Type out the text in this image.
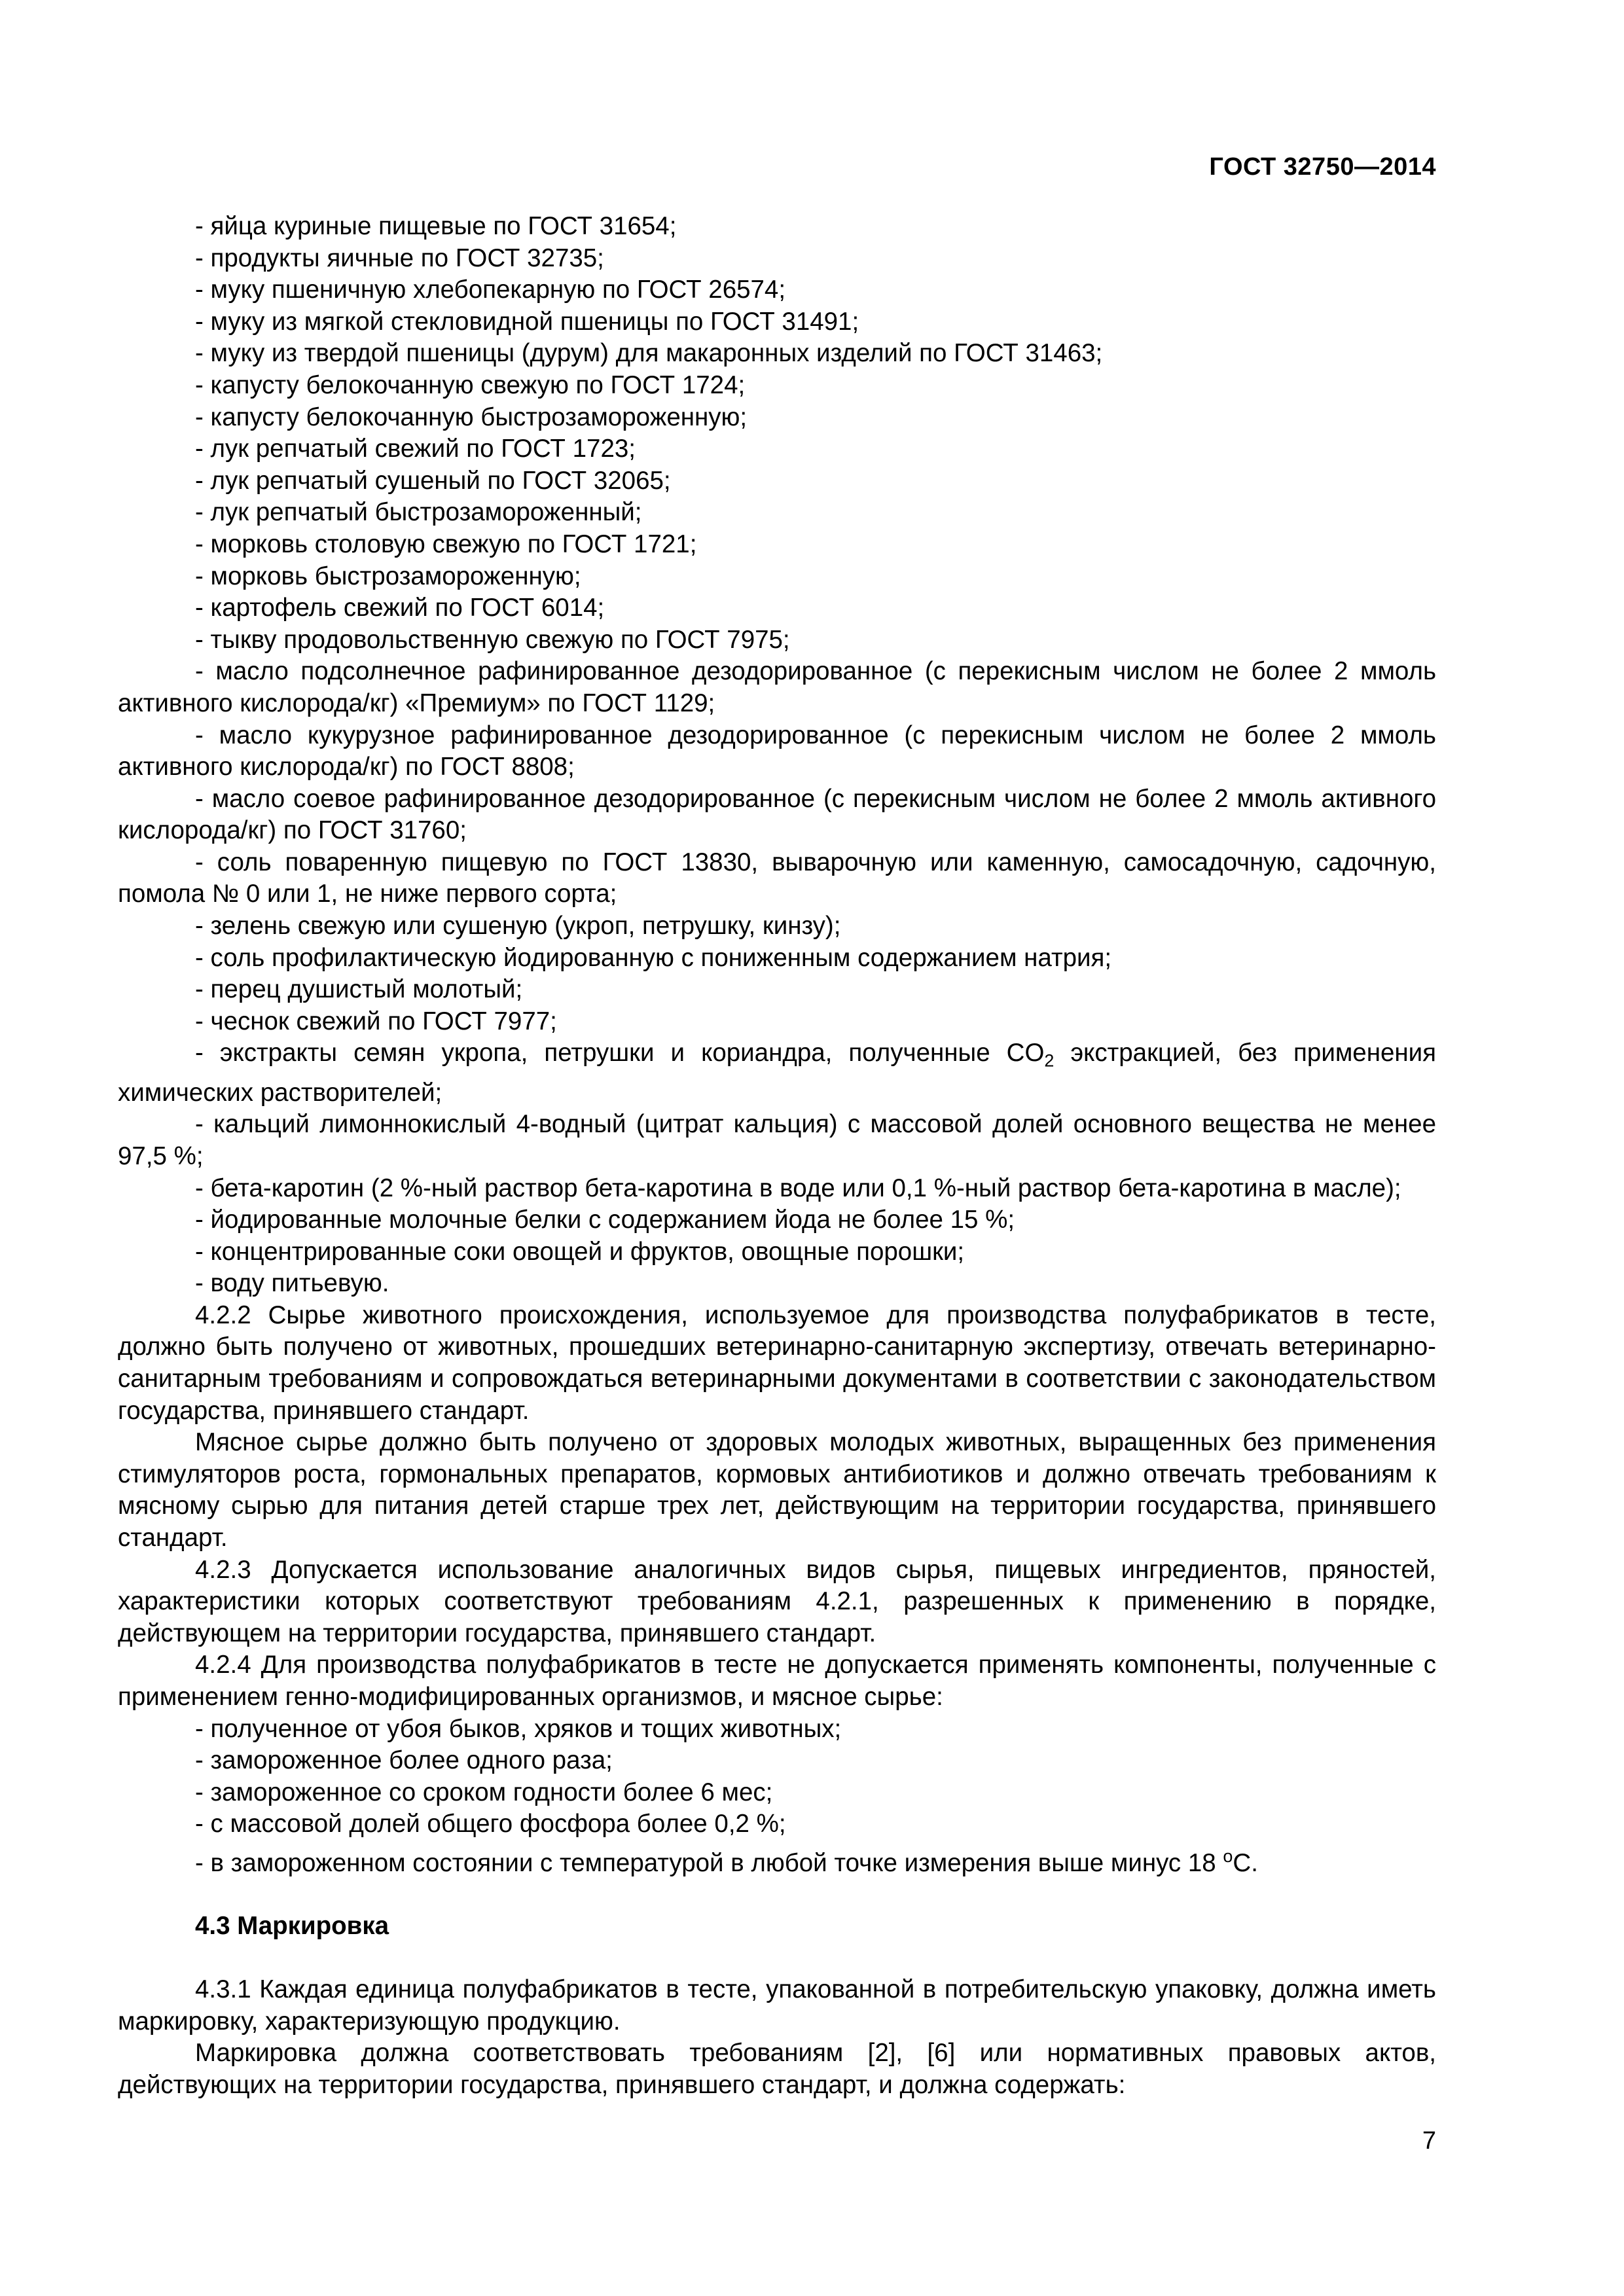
ГОСТ 32750—2014

- яйца куриные пищевые по ГОСТ 31654;

- продукты яичные по ГОСТ 32735;

- муку пшеничную хлебопекарную по ГОСТ 26574;

- муку из мягкой стекловидной пшеницы по ГОСТ 31491;

- муку из твердой пшеницы (дурум) для макаронных изделий по ГОСТ 31463;

- капусту белокочанную свежую по ГОСТ 1724;

- капусту белокочанную быстрозамороженную;

- лук репчатый свежий по ГОСТ 1723;

- лук репчатый сушеный по ГОСТ 32065;

- лук репчатый быстрозамороженный;

- морковь столовую свежую по ГОСТ 1721;

- морковь быстрозамороженную;

- картофель свежий по ГОСТ 6014;

- тыкву продовольственную свежую по ГОСТ 7975;

- масло подсолнечное рафинированное дезодорированное (с перекисным числом не более 2 ммоль активного кислорода/кг) «Премиум» по ГОСТ 1129;

- масло кукурузное рафинированное дезодорированное (с перекисным числом не более 2 ммоль активного кислорода/кг) по ГОСТ 8808;

- масло соевое рафинированное дезодорированное (с перекисным числом не более 2 ммоль активного кислорода/кг) по ГОСТ 31760;

- соль поваренную пищевую по ГОСТ 13830, выварочную или каменную, самосадочную, садочную, помола № 0 или 1, не ниже первого сорта;

- зелень свежую или сушеную (укроп, петрушку, кинзу);

- соль профилактическую йодированную с пониженным содержанием натрия;

- перец душистый молотый;

- чеснок свежий по ГОСТ 7977;

- экстракты семян укропа, петрушки и кориандра, полученные $CO_2$ экстракцией, без применения химических растворителей;

- кальций лимоннокислый 4-водный (цитрат кальция) с массовой долей основного вещества не менее 97,5 %;

- бета-каротин (2 %-ный раствор бета-каротина в воде или 0,1 %-ный раствор бета-каротина в масле);

- йодированные молочные белки с содержанием йода не более 15 %;

- концентрированные соки овощей и фруктов, овощные порошки;

- воду питьевую.

4.2.2 Сырье животного происхождения, используемое для производства полуфабрикатов в тесте, должно быть получено от животных, прошедших ветеринарно-санитарную экспертизу, отвечать ветеринарно-санитарным требованиям и сопровождаться ветеринарными документами в соответствии с законодательством государства, принявшего стандарт.

Мясное сырье должно быть получено от здоровых молодых животных, выращенных без применения стимуляторов роста, гормональных препаратов, кормовых антибиотиков и должно отвечать требованиям к мясному сырью для питания детей старше трех лет, действующим на территории государства, принявшего стандарт.

4.2.3 Допускается использование аналогичных видов сырья, пищевых ингредиентов, пряностей, характеристики которых соответствуют требованиям 4.2.1, разрешенных к применению в порядке, действующем на территории государства, принявшего стандарт.

4.2.4 Для производства полуфабрикатов в тесте не допускается применять компоненты, полученные с применением генно-модифицированных организмов, и мясное сырье:

- полученное от убоя быков, хряков и тощих животных;

- замороженное более одного раза;

- замороженное со сроком годности более 6 мес;

- с массовой долей общего фосфора более 0,2 %;

- в замороженном состоянии с температурой в любой точке измерения выше минус 18 $^o$С.

4.3 Маркировка

4.3.1 Каждая единица полуфабрикатов в тесте, упакованной в потребительскую упаковку, должна иметь маркировку, характеризующую продукцию.

Маркировка должна соответствовать требованиям [2], [6] или нормативных правовых актов, действующих на территории государства, принявшего стандарт, и должна содержать:

7
